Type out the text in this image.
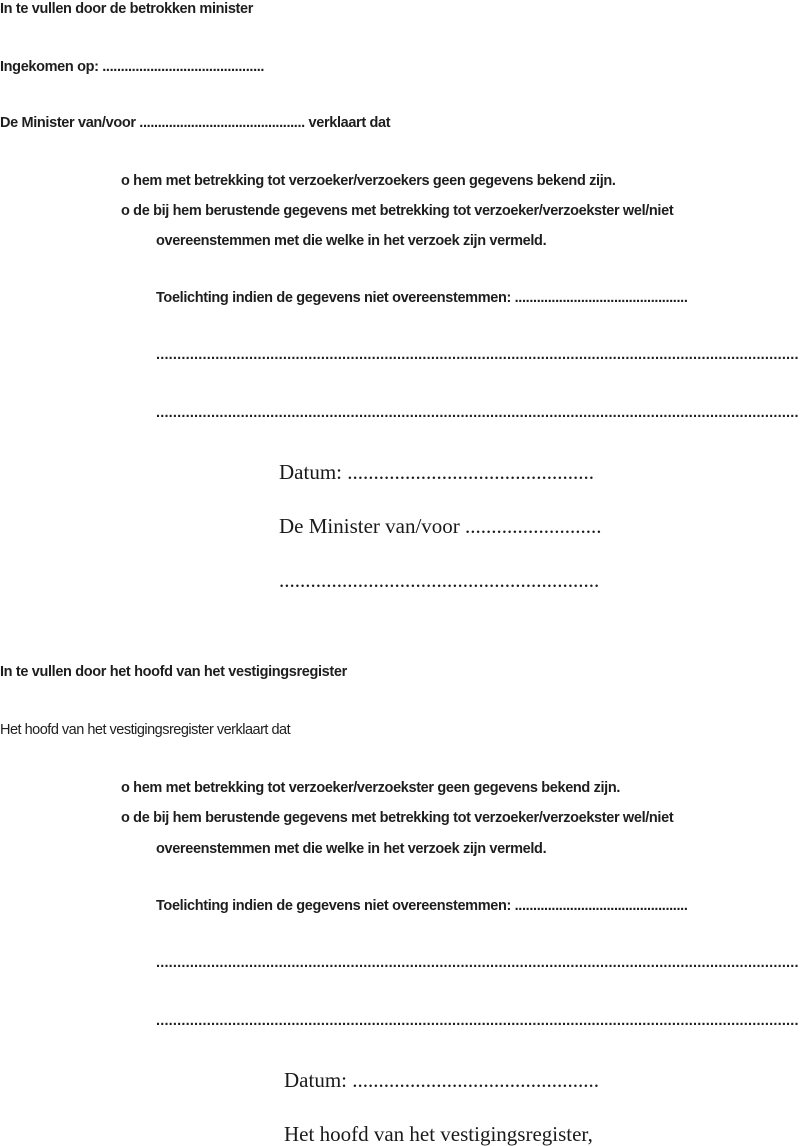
In te vullen door de betrokken minister
Ingekomen op: ............................................
De Minister van/voor ............................................. verklaart dat
o hem met betrekking tot verzoeker/verzoekers geen gegevens bekend zijn.
o de bij hem berustende gegevens met betrekking tot verzoeker/verzoekster wel/niet
overeenstemmen met die welke in het verzoek zijn vermeld.
Toelichting indien de gegevens niet overeenstemmen: ...............................................
........................................................................................................................................................
........................................................................................................................................................
Datum: ...............................................
De Minister van/voor ..........................
.............................................................
In te vullen door het hoofd van het vestigingsregister
Het hoofd van het vestigingsregister verklaart dat
o hem met betrekking tot verzoeker/verzoekster geen gegevens bekend zijn.
o de bij hem berustende gegevens met betrekking tot verzoeker/verzoekster wel/niet
overeenstemmen met die welke in het verzoek zijn vermeld.
Toelichting indien de gegevens niet overeenstemmen: ...............................................
........................................................................................................................................................
........................................................................................................................................................
Datum: ...............................................
Het hoofd van het vestigingsregister,
